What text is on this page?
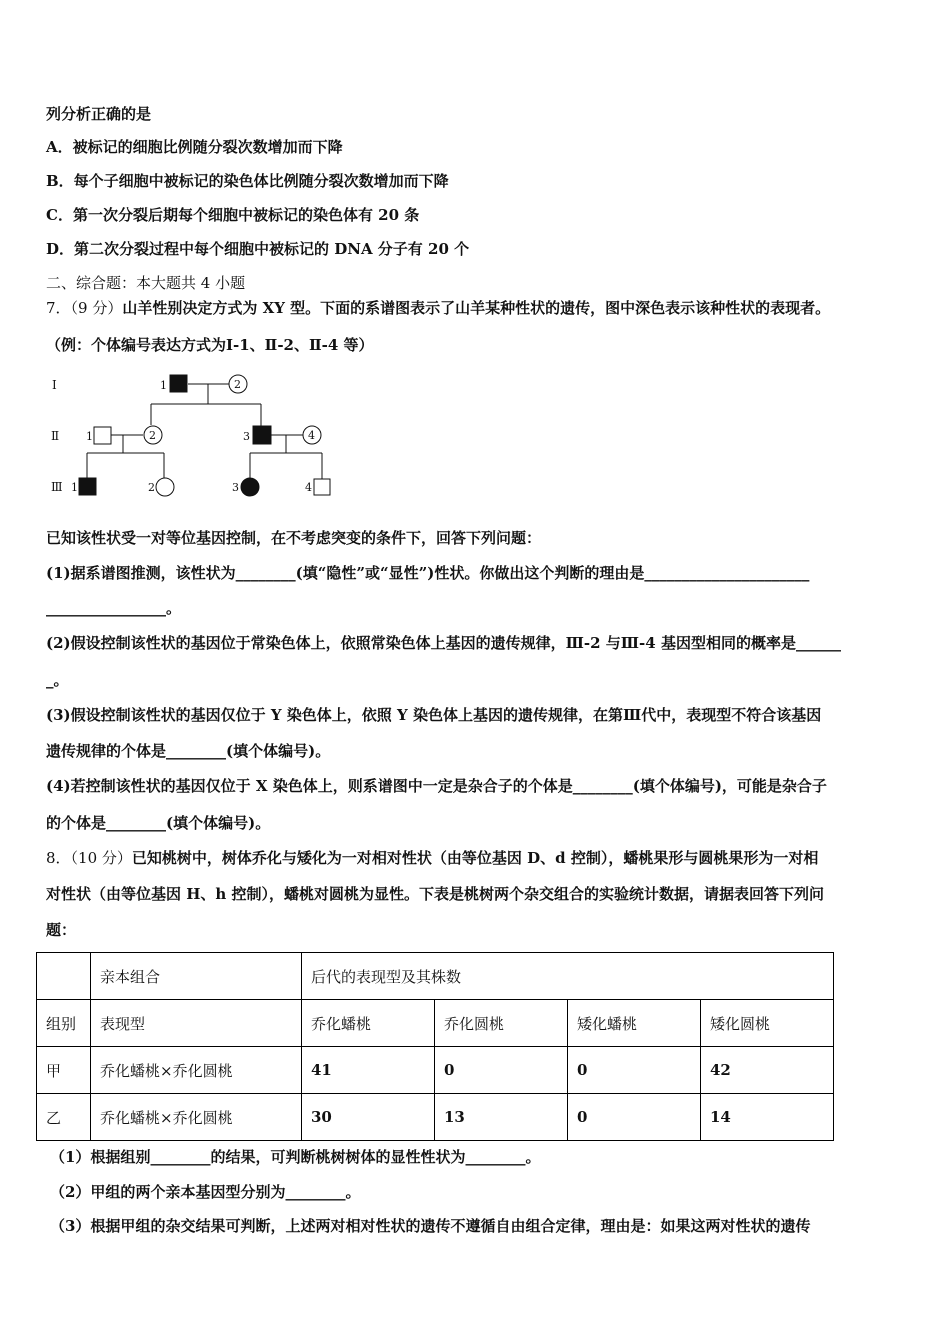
列分析正确的是
A．被标记的细胞比例随分裂次数增加而下降
B．每个子细胞中被标记的染色体比例随分裂次数增加而下降
C．第一次分裂后期每个细胞中被标记的染色体有 20 条
D．第二次分裂过程中每个细胞中被标记的 DNA 分子有 20 个
二、综合题：本大题共 4 小题
7．（9 分）山羊性别决定方式为 XY 型。下面的系谱图表示了山羊某种性状的遗传，图中深色表示该种性状的表现者。
（例：个体编号表达方式为Ⅰ-1、Ⅱ-2、Ⅱ-4 等）
Ⅰ
Ⅱ
Ⅲ
1	2
1	2	3	4
1	2	3	4
已知该性状受一对等位基因控制，在不考虑突变的条件下，回答下列问题：
(1)据系谱图推测，该性状为________(填“隐性”或“显性”)性状。你做出这个判断的理由是______________________
________________。
(2)假设控制该性状的基因位于常染色体上，依照常染色体上基因的遗传规律，Ⅲ-2 与Ⅲ-4 基因型相同的概率是______
_。
(3)假设控制该性状的基因仅位于 Y 染色体上，依照 Y 染色体上基因的遗传规律，在第Ⅲ代中，表现型不符合该基因
遗传规律的个体是________(填个体编号)。
(4)若控制该性状的基因仅位于 X 染色体上，则系谱图中一定是杂合子的个体是________(填个体编号)，可能是杂合子
的个体是________(填个体编号)。
8．（10 分）已知桃树中，树体乔化与矮化为一对相对性状（由等位基因 D、d 控制），蟠桃果形与圆桃果形为一对相
对性状（由等位基因 H、h 控制），蟠桃对圆桃为显性。下表是桃树两个杂交组合的实验统计数据，请据表回答下列问
题：
	亲本组合	后代的表现型及其株数			
组别	表现型	乔化蟠桃	乔化圆桃	矮化蟠桃	矮化圆桃
甲	乔化蟠桃×乔化圆桃	41	0	0	42
乙	乔化蟠桃×乔化圆桃	30	13	0	14
（1）根据组别________的结果，可判断桃树树体的显性性状为________。
（2）甲组的两个亲本基因型分别为________。
（3）根据甲组的杂交结果可判断，上述两对相对性状的遗传不遵循自由组合定律，理由是：如果这两对性状的遗传
